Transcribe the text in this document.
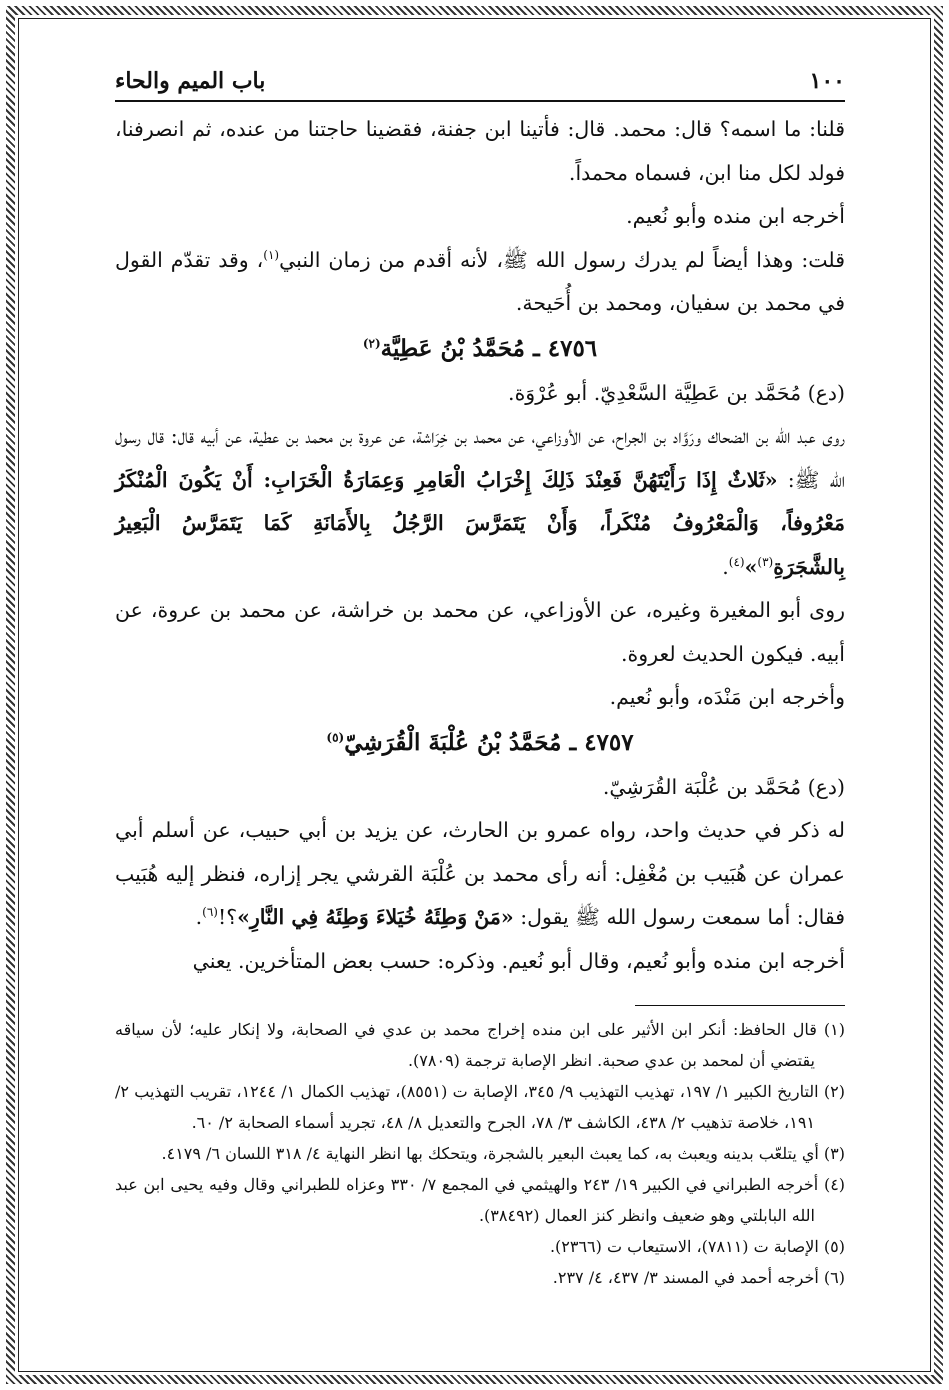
١٠٠
باب الميم والحاء

قلنا: ما اسمه؟ قال: محمد. قال: فأتينا ابن جفنة، فقضينا حاجتنا من عنده، ثم انصرفنا، فولد لكل منا ابن، فسماه محمداً.

أخرجه ابن منده وأبو نُعيم.

قلت: وهذا أيضاً لم يدرك رسول الله ﷺ، لأنه أقدم من زمان النبي$^{(١)}$، وقد تقدّم القول في محمد بن سفيان، ومحمد بن أُحَيحة.

٤٧٥٦ ـ مُحَمَّدُ بْنُ عَطِيَّة$^{(٢)}$

(دع) مُحَمَّد بن عَطِيَّة السَّعْدِيّ. أبو عُرْوَة.

روى عبد الله بن الضحاك ورَوَّاد بن الجراح، عن الأوزاعي، عن محمد بن خِرَاشة، عن عروة بن محمد بن عطية، عن أبيه قال: قال رسول الله ﷺ: «ثَلاثٌ إِذَا رَأَيْتَهُنَّ فَعِنْدَ ذَلِكَ إِخْرَابُ الْعَامِرِ وَعِمَارَةُ الْخَرَابِ: أَنْ يَكُونَ الْمُنْكَرُ مَعْرُوفاً، وَالْمَعْرُوفُ مُنْكَراً، وَأَنْ يَتَمَرَّسَ الرَّجُلُ بِالأَمَانَةِ كَمَا يَتَمَرَّسُ الْبَعِيرُ بِالشَّجَرَةِ$^{(٣)}$»$^{(٤)}$.

روى أبو المغيرة وغيره، عن الأوزاعي، عن محمد بن خراشة، عن محمد بن عروة، عن أبيه. فيكون الحديث لعروة.

وأخرجه ابن مَنْدَه، وأبو نُعيم.

٤٧٥٧ ـ مُحَمَّدُ بْنُ عُلْبَةَ الْقُرَشِيّ$^{(٥)}$

(دع) مُحَمَّد بن عُلْبَة القُرَشِيّ.

له ذكر في حديث واحد، رواه عمرو بن الحارث، عن يزيد بن أبي حبيب، عن أسلم أبي عمران عن هُبَيب بن مُغْفِل: أنه رأى محمد بن عُلْبَة القرشي يجر إزاره، فنظر إليه هُبَيب فقال: أما سمعت رسول الله ﷺ يقول: «مَنْ وَطِئَهُ خُيَلاءَ وَطِئَهُ فِي النَّارِ»؟!$^{(٦)}$.

أخرجه ابن منده وأبو نُعيم، وقال أبو نُعيم. وذكره: حسب بعض المتأخرين. يعني

(١) قال الحافظ: أنكر ابن الأثير على ابن منده إخراج محمد بن عدي في الصحابة، ولا إنكار عليه؛ لأن سياقه يقتضي أن لمحمد بن عدي صحبة. انظر الإصابة ترجمة (٧٨٠٩).

(٢) التاريخ الكبير ١/ ١٩٧، تهذيب التهذيب ٩/ ٣٤٥، الإصابة ت (٨٥٥١)، تهذيب الكمال ١/ ١٢٤٤، تقريب التهذيب ٢/ ١٩١، خلاصة تذهيب ٢/ ٤٣٨، الكاشف ٣/ ٧٨، الجرح والتعديل ٨/ ٤٨، تجريد أسماء الصحابة ٢/ ٦٠.

(٣) أي يتلعّب بدينه ويعبث به، كما يعبث البعير بالشجرة، ويتحكك بها انظر النهاية ٤/ ٣١٨ اللسان ٦/ ٤١٧٩.

(٤) أخرجه الطبراني في الكبير ١٩/ ٢٤٣ والهيثمي في المجمع ٧/ ٣٣٠ وعزاه للطبراني وقال وفيه يحيى ابن عبد الله البابلتي وهو ضعيف وانظر كنز العمال (٣٨٤٩٢).

(٥) الإصابة ت (٧٨١١)، الاستيعاب ت (٢٣٦٦).

(٦) أخرجه أحمد في المسند ٣/ ٤٣٧، ٤/ ٢٣٧.
